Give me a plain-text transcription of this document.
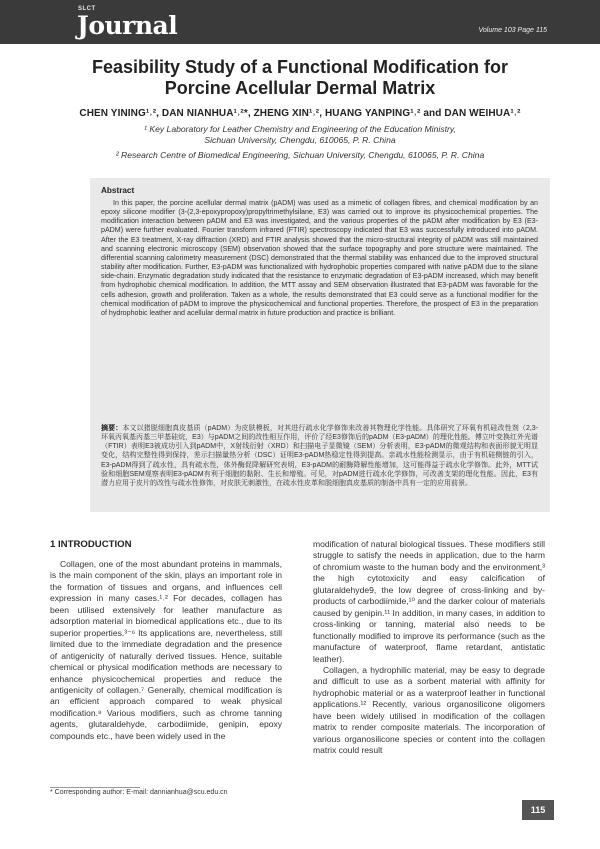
SLCT
Journal	Volume 103 Page 115
Feasibility Study of a Functional Modification for
Porcine Acellular Dermal Matrix
CHEN YINING¹˒², DAN NIANHUA¹˒²*, ZHENG XIN¹˒², HUANG YANPING¹˒² and DAN WEIHUA¹˒²
¹ Key Laboratory for Leather Chemistry and Engineering of the Education Ministry,
Sichuan University, Chengdu, 610065, P. R. China
² Research Centre of Biomedical Engineering, Sichuan University, Chengdu, 610065, P. R. China
Abstract
In this paper, the porcine acellular dermal matrix (pADM) was used as a mimetic of collagen fibres, and chemical modification by an epoxy silicone modifier (3-(2,3-epoxypropoxy)propyltrimethylsilane, E3) was carried out to improve its physicochemical properties. The modification interaction between pADM and E3 was investigated, and the various properties of the pADM after modification by E3 (E3-pADM) were further evaluated. Fourier transform infrared (FTIR) spectroscopy indicated that E3 was successfully introduced into pADM. After the E3 treatment, X-ray diffraction (XRD) and FTIR analysis showed that the micro-structural integrity of pADM was still maintained and scanning electronic microscopy (SEM) observation showed that the surface topography and pore structure were maintained. The differential scanning calorimetry measurement (DSC) demonstrated that the thermal stability was enhanced due to the improved structural stability after modification. Further, E3-pADM was functionalized with hydrophobic properties compared with native pADM due to the silane side-chain. Enzymatic degradation study indicated that the resistance to enzymatic degradation of E3-pADM increased, which may benefit from hydrophobic chemical modification. In addition, the MTT assay and SEM observation illustrated that E3-pADM was favorable for the cells adhesion, growth and proliferation. Taken as a whole, the results demonstrated that E3 could serve as a functional modifier for the chemical modification of pADM to improve the physicochemical and functional properties. Therefore, the prospect of E3 in the preparation of hydrophobic leather and acellular dermal matrix in future production and practice is brilliant.
摘要：本文以猪脱细胞真皮基质（pADM）为皮肤模板，对其进行疏水化学修饰来改善其物理化学性能。具体研究了环氧有机硅改性剂（2,3-环氧丙氧基丙基三甲基硅烷，E3）与pADM之间的改性相互作用，评价了经E3修饰后的pADM（E3-pADM）的理化性能。傅立叶变换红外光谱（FTIR）表明E3被成功引入到pADM中，X射线衍射（XRD）和扫描电子显微镜（SEM）分析表明，E3-pADM的微观结构和表面形貌无明显变化，结构完整性得到保持，差示扫描量热分析（DSC）证明E3-pADM热稳定性得到提高。亲疏水性能检测显示，由于有机硅侧链的引入，E3-pADM得到了疏水性，具有疏水性，体外酶促降解研究表明，E3-pADM的耐酶降解性能增加，这可能得益于疏水化学修饰。此外，MTT试验和细胞SEM观察表明E3-pADM有利于细胞的黏附、生长和增殖。可见，对pADM进行疏水化学修饰，可改善支架的理化性能。因此，E3有潜力应用于皮片的改性与疏水性修饰，对皮肤无刺激性，在疏水性皮革和脱细胞真皮基质的制备中具有一定的应用前景。
1 INTRODUCTION

Collagen, one of the most abundant proteins in mammals, is the main component of the skin, plays an important role in the formation of tissues and organs, and influences cell expression in many cases.¹˒² For decades, collagen has been utilised extensively for leather manufacture as adsorption material in biomedical applications etc., due to its superior properties.³⁻⁶ Its applications are, nevertheless, still limited due to the immediate degradation and the presence of antigenicity of naturally derived tissues. Hence, suitable chemical or physical modification methods are necessary to enhance physicochemical properties and reduce the antigenicity of collagen.⁷ Generally, chemical modification is an efficient approach compared to weak physical modification.⁸ Various modifiers, such as chrome tanning agents, glutaraldehyde, carbodiimide, genipin, epoxy compounds etc., have been widely used in the

modification of natural biological tissues. These modifiers still struggle to satisfy the needs in application, due to the harm of chromium waste to the human body and the environment,³ the high cytotoxicity and easy calcification of glutaraldehyde9, the low degree of cross-linking and by-products of carbodiimide,¹⁰ and the darker colour of materials caused by genipin.¹¹ In addition, in many cases, in addition to cross-linking or tanning, material also needs to be functionally modified to improve its performance (such as the manufacture of waterproof, flame retardant, antistatic leather).

Collagen, a hydrophilic material, may be easy to degrade and difficult to use as a sorbent material with affinity for hydrophobic material or as a waterproof leather in functional applications.¹² Recently, various organosilicone oligomers have been widely utilised in modification of the collagen matrix to render composite materials. The incorporation of various organosilicone species or content into the collagen matrix could result

* Corresponding author: E-mail: dannianhua@scu.edu.cn
115
